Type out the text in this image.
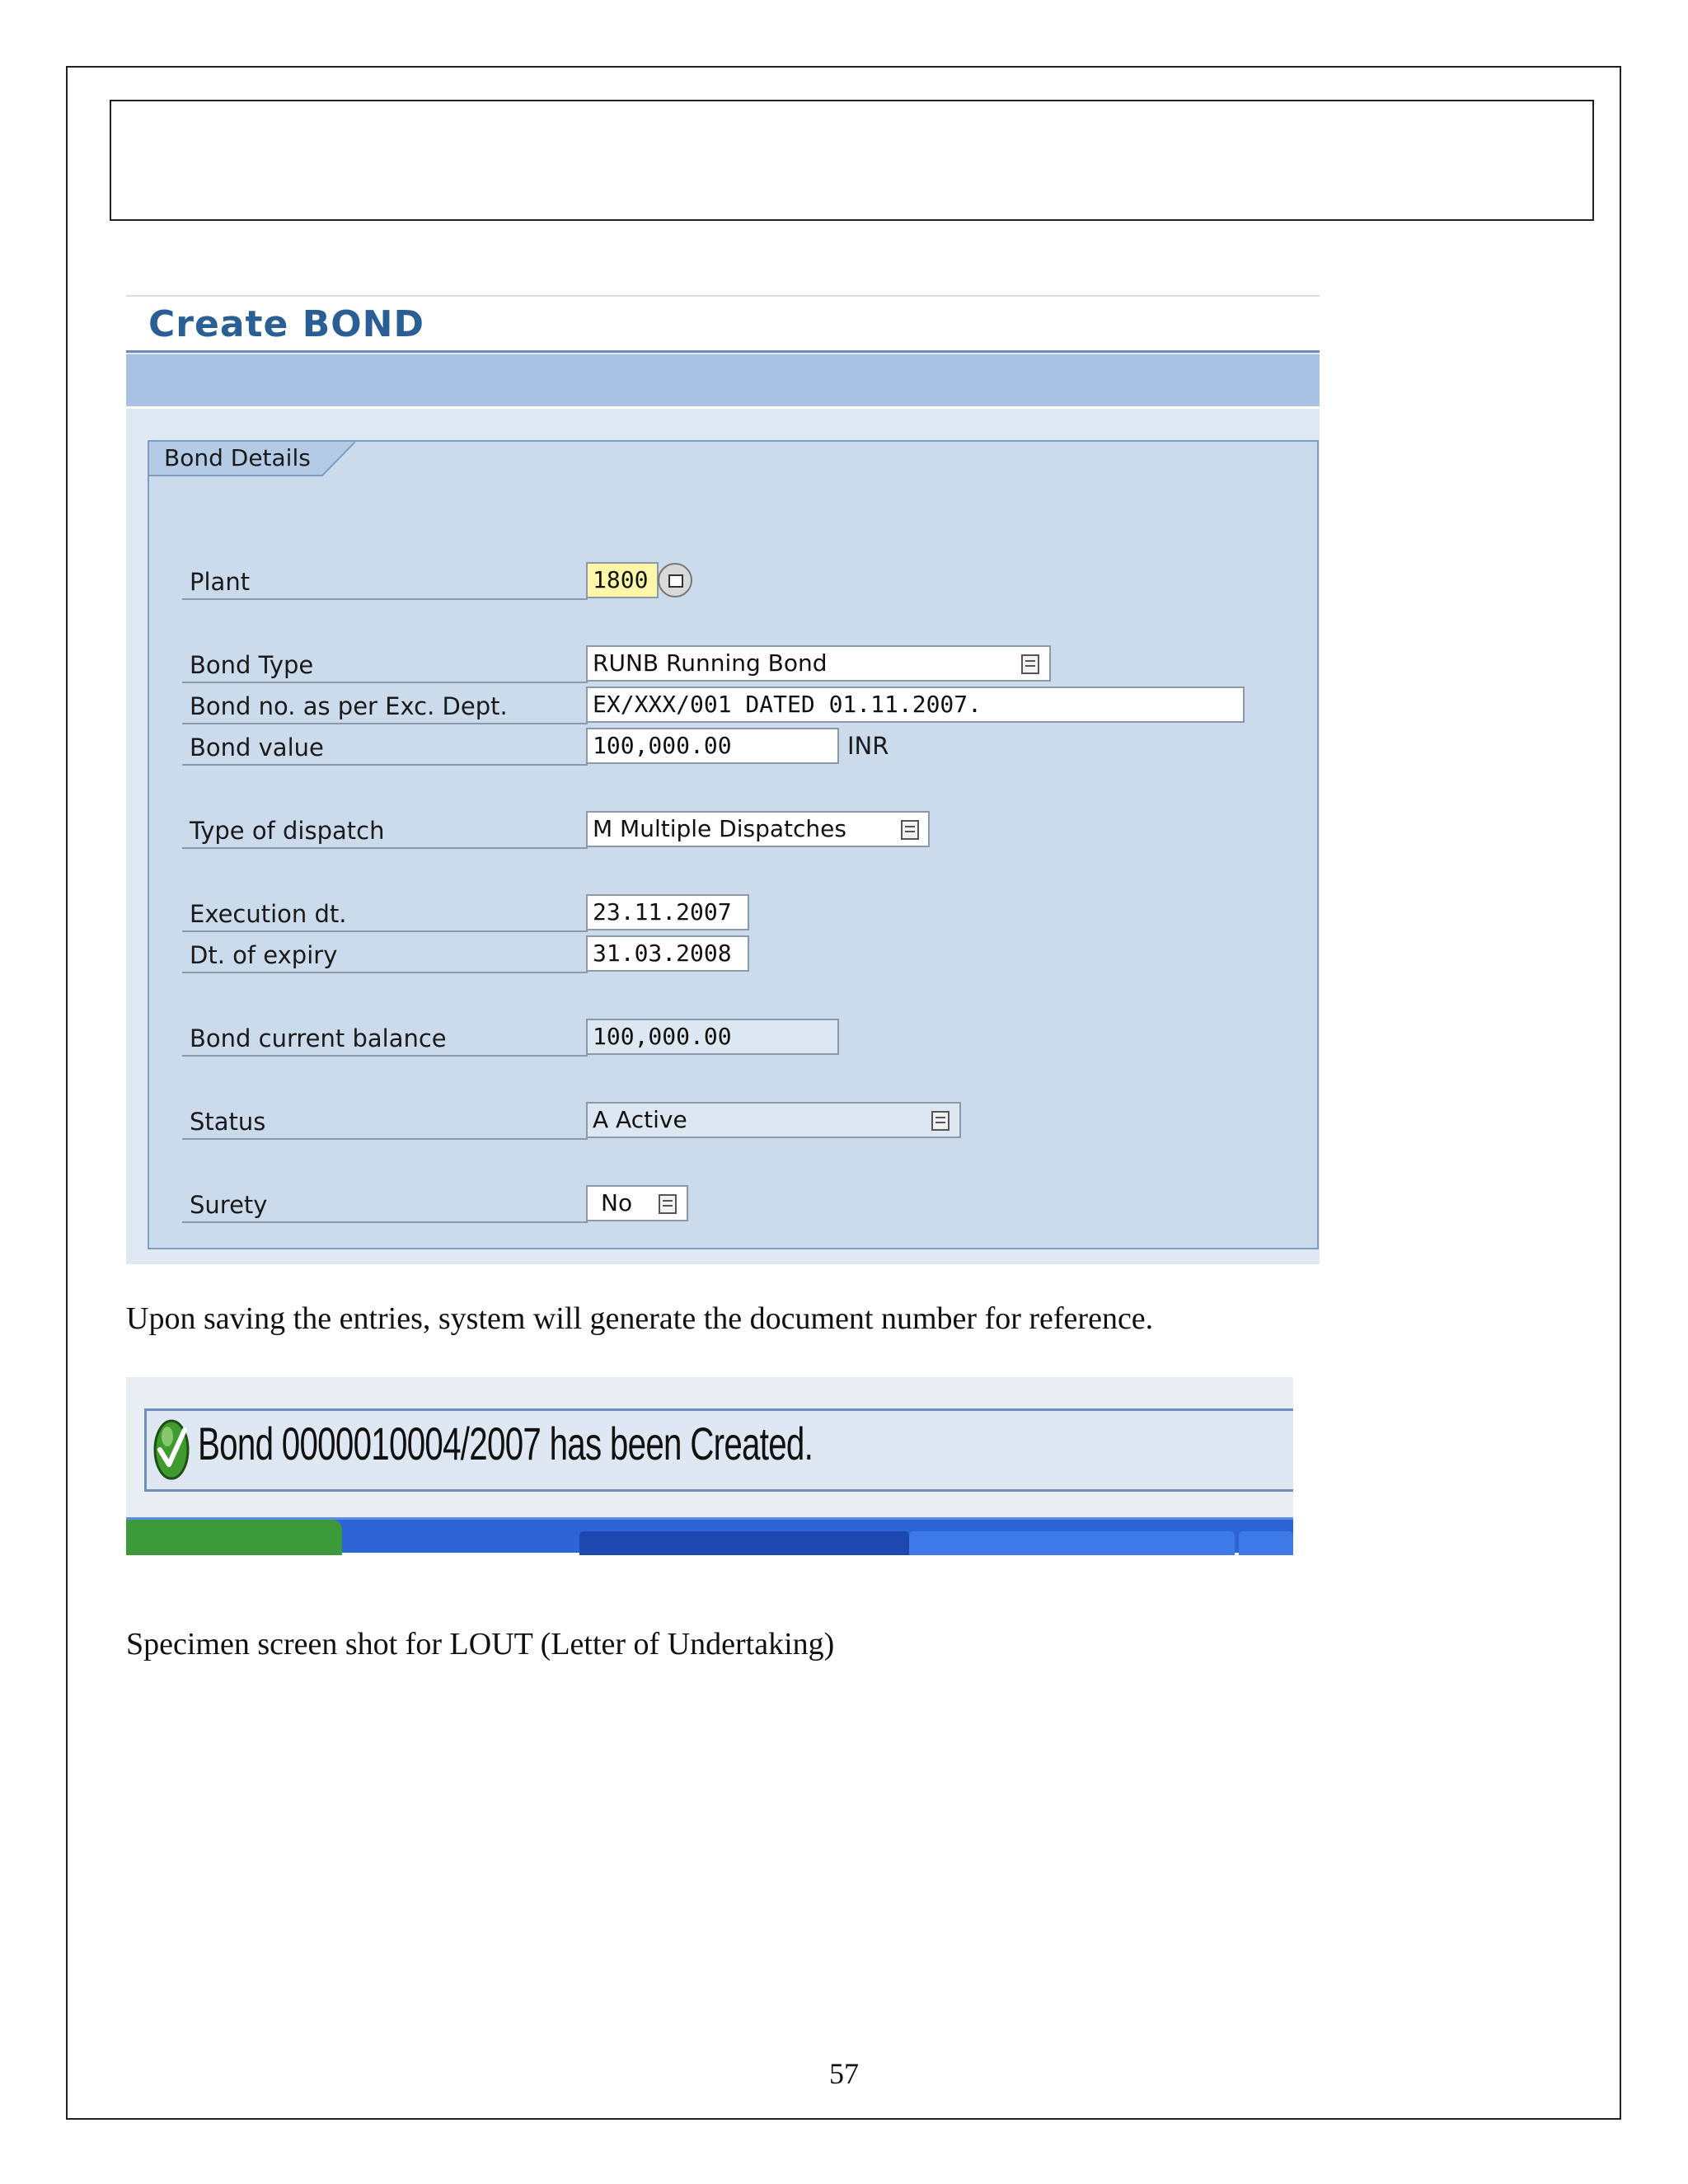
Create BOND
Bond Details
Plant	1800
Bond Type	RUNB Running Bond
Bond no. as per Exc. Dept.	EX/XXX/001 DATED 01.11.2007.
Bond value	100,000.00	INR
Type of dispatch	M Multiple Dispatches
Execution dt.	23.11.2007
Dt. of expiry	31.03.2008
Bond current balance	100,000.00
Status	A Active
Surety	No
Upon saving the entries, system will generate the document number for reference.
Bond 0000010004/2007 has been Created.
Specimen screen shot for LOUT (Letter of Undertaking)
57
